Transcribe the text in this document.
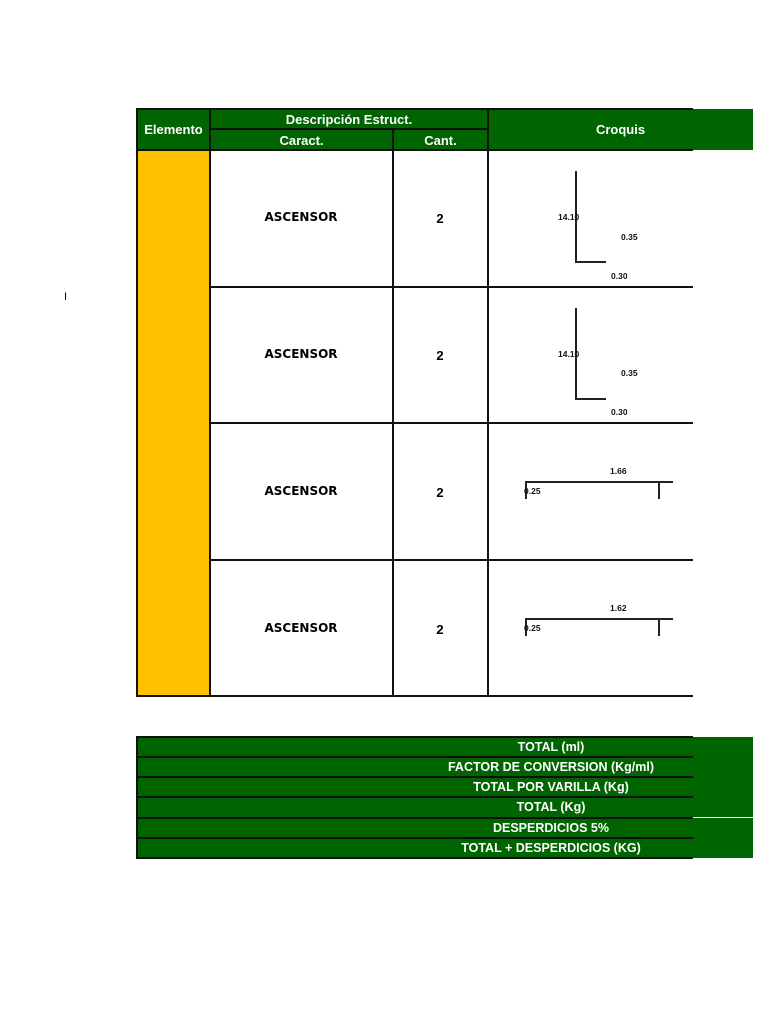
I
Elemento
Descripción Estruct.
Caract.	Cant.
Croquis
ASCENSOR	2	14.10
0.35
0.30
ASCENSOR	2	14.10
0.35
0.30
ASCENSOR	2
1.66
0.25
ASCENSOR	2
1.62
0.25
TOTAL (ml)
FACTOR DE CONVERSION (Kg/ml)
TOTAL POR VARILLA (Kg)
TOTAL (Kg)
DESPERDICIOS 5%
TOTAL + DESPERDICIOS (KG)
